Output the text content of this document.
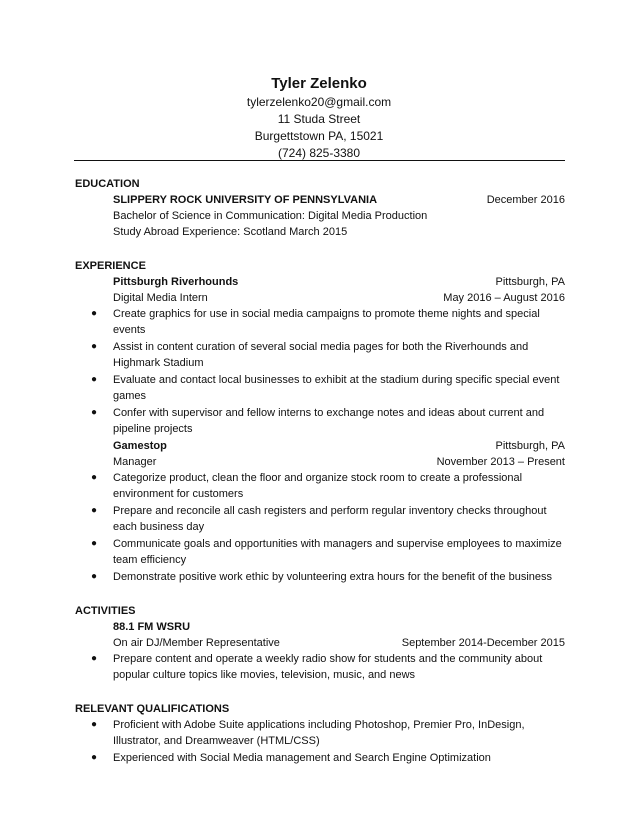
Tyler Zelenko
tylerzelenko20@gmail.com
11 Studa Street
Burgettstown PA, 15021
(724) 825-3380
EDUCATION
SLIPPERY ROCK UNIVERSITY OF PENNSYLVANIA	December 2016
Bachelor of Science in Communication: Digital Media Production
Study Abroad Experience: Scotland March 2015
EXPERIENCE
Pittsburgh Riverhounds	Pittsburgh, PA
Digital Media Intern	May 2016 – August 2016
● Create graphics for use in social media campaigns to promote theme nights and special events
● Assist in content curation of several social media pages for both the Riverhounds and Highmark Stadium
● Evaluate and contact local businesses to exhibit at the stadium during specific special event games
● Confer with supervisor and fellow interns to exchange notes and ideas about current and pipeline projects
Gamestop	Pittsburgh, PA
Manager	November 2013 – Present
● Categorize product, clean the floor and organize stock room to create a professional environment for customers
● Prepare and reconcile all cash registers and perform regular inventory checks throughout each business day
● Communicate goals and opportunities with managers and supervise employees to maximize team efficiency
● Demonstrate positive work ethic by volunteering extra hours for the benefit of the business
ACTIVITIES
88.1 FM WSRU
On air DJ/Member Representative	September 2014-December 2015
● Prepare content and operate a weekly radio show for students and the community about popular culture topics like movies, television, music, and news
RELEVANT QUALIFICATIONS
● Proficient with Adobe Suite applications including Photoshop, Premier Pro, InDesign, Illustrator, and Dreamweaver (HTML/CSS)
● Experienced with Social Media management and Search Engine Optimization
